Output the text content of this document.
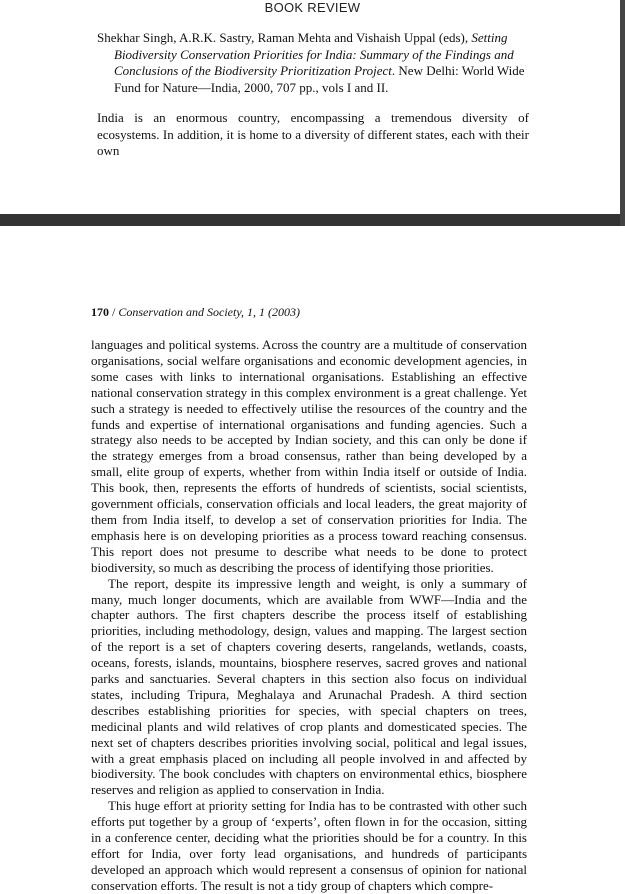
BOOK REVIEW
Shekhar Singh, A.R.K. Sastry, Raman Mehta and Vishaish Uppal (eds), Setting Biodiversity Conservation Priorities for India: Summary of the Findings and Conclusions of the Biodiversity Prioritization Project. New Delhi: World Wide Fund for Nature—India, 2000, 707 pp., vols I and II.
India is an enormous country, encompassing a tremendous diversity of ecosystems. In addition, it is home to a diversity of different states, each with their own
170 / Conservation and Society, 1, 1 (2003)

languages and political systems. Across the country are a multitude of conservation organisations, social welfare organisations and economic development agencies, in some cases with links to international organisations. Establishing an effective national conservation strategy in this complex environment is a great challenge. Yet such a strategy is needed to effectively utilise the resources of the country and the funds and expertise of international organisations and funding agencies. Such a strategy also needs to be accepted by Indian society, and this can only be done if the strategy emerges from a broad consensus, rather than being developed by a small, elite group of experts, whether from within India itself or outside of India. This book, then, represents the efforts of hundreds of scientists, social scientists, government officials, conservation officials and local leaders, the great majority of them from India itself, to develop a set of conservation priorities for India. The emphasis here is on developing priorities as a process toward reaching consensus. This report does not presume to describe what needs to be done to protect biodiversity, so much as describing the process of identifying those priorities.

The report, despite its impressive length and weight, is only a summary of many, much longer documents, which are available from WWF—India and the chapter authors. The first chapters describe the process itself of establishing priorities, including methodology, design, values and mapping. The largest section of the report is a set of chapters covering deserts, rangelands, wetlands, coasts, oceans, forests, islands, mountains, biosphere reserves, sacred groves and national parks and sanctuaries. Several chapters in this section also focus on individual states, including Tripura, Meghalaya and Arunachal Pradesh. A third section describes establishing priorities for species, with special chapters on trees, medicinal plants and wild relatives of crop plants and domesticated species. The next set of chapters describes priorities involving social, political and legal issues, with a great emphasis placed on including all people involved in and affected by biodiversity. The book concludes with chapters on environmental ethics, biosphere reserves and religion as applied to conservation in India.

This huge effort at priority setting for India has to be contrasted with other such efforts put together by a group of ‘experts’, often flown in for the occasion, sitting in a conference center, deciding what the priorities should be for a country. In this effort for India, over forty lead organisations, and hundreds of participants developed an approach which would represent a consensus of opinion for national conservation efforts. The result is not a tidy group of chapters which compre-
